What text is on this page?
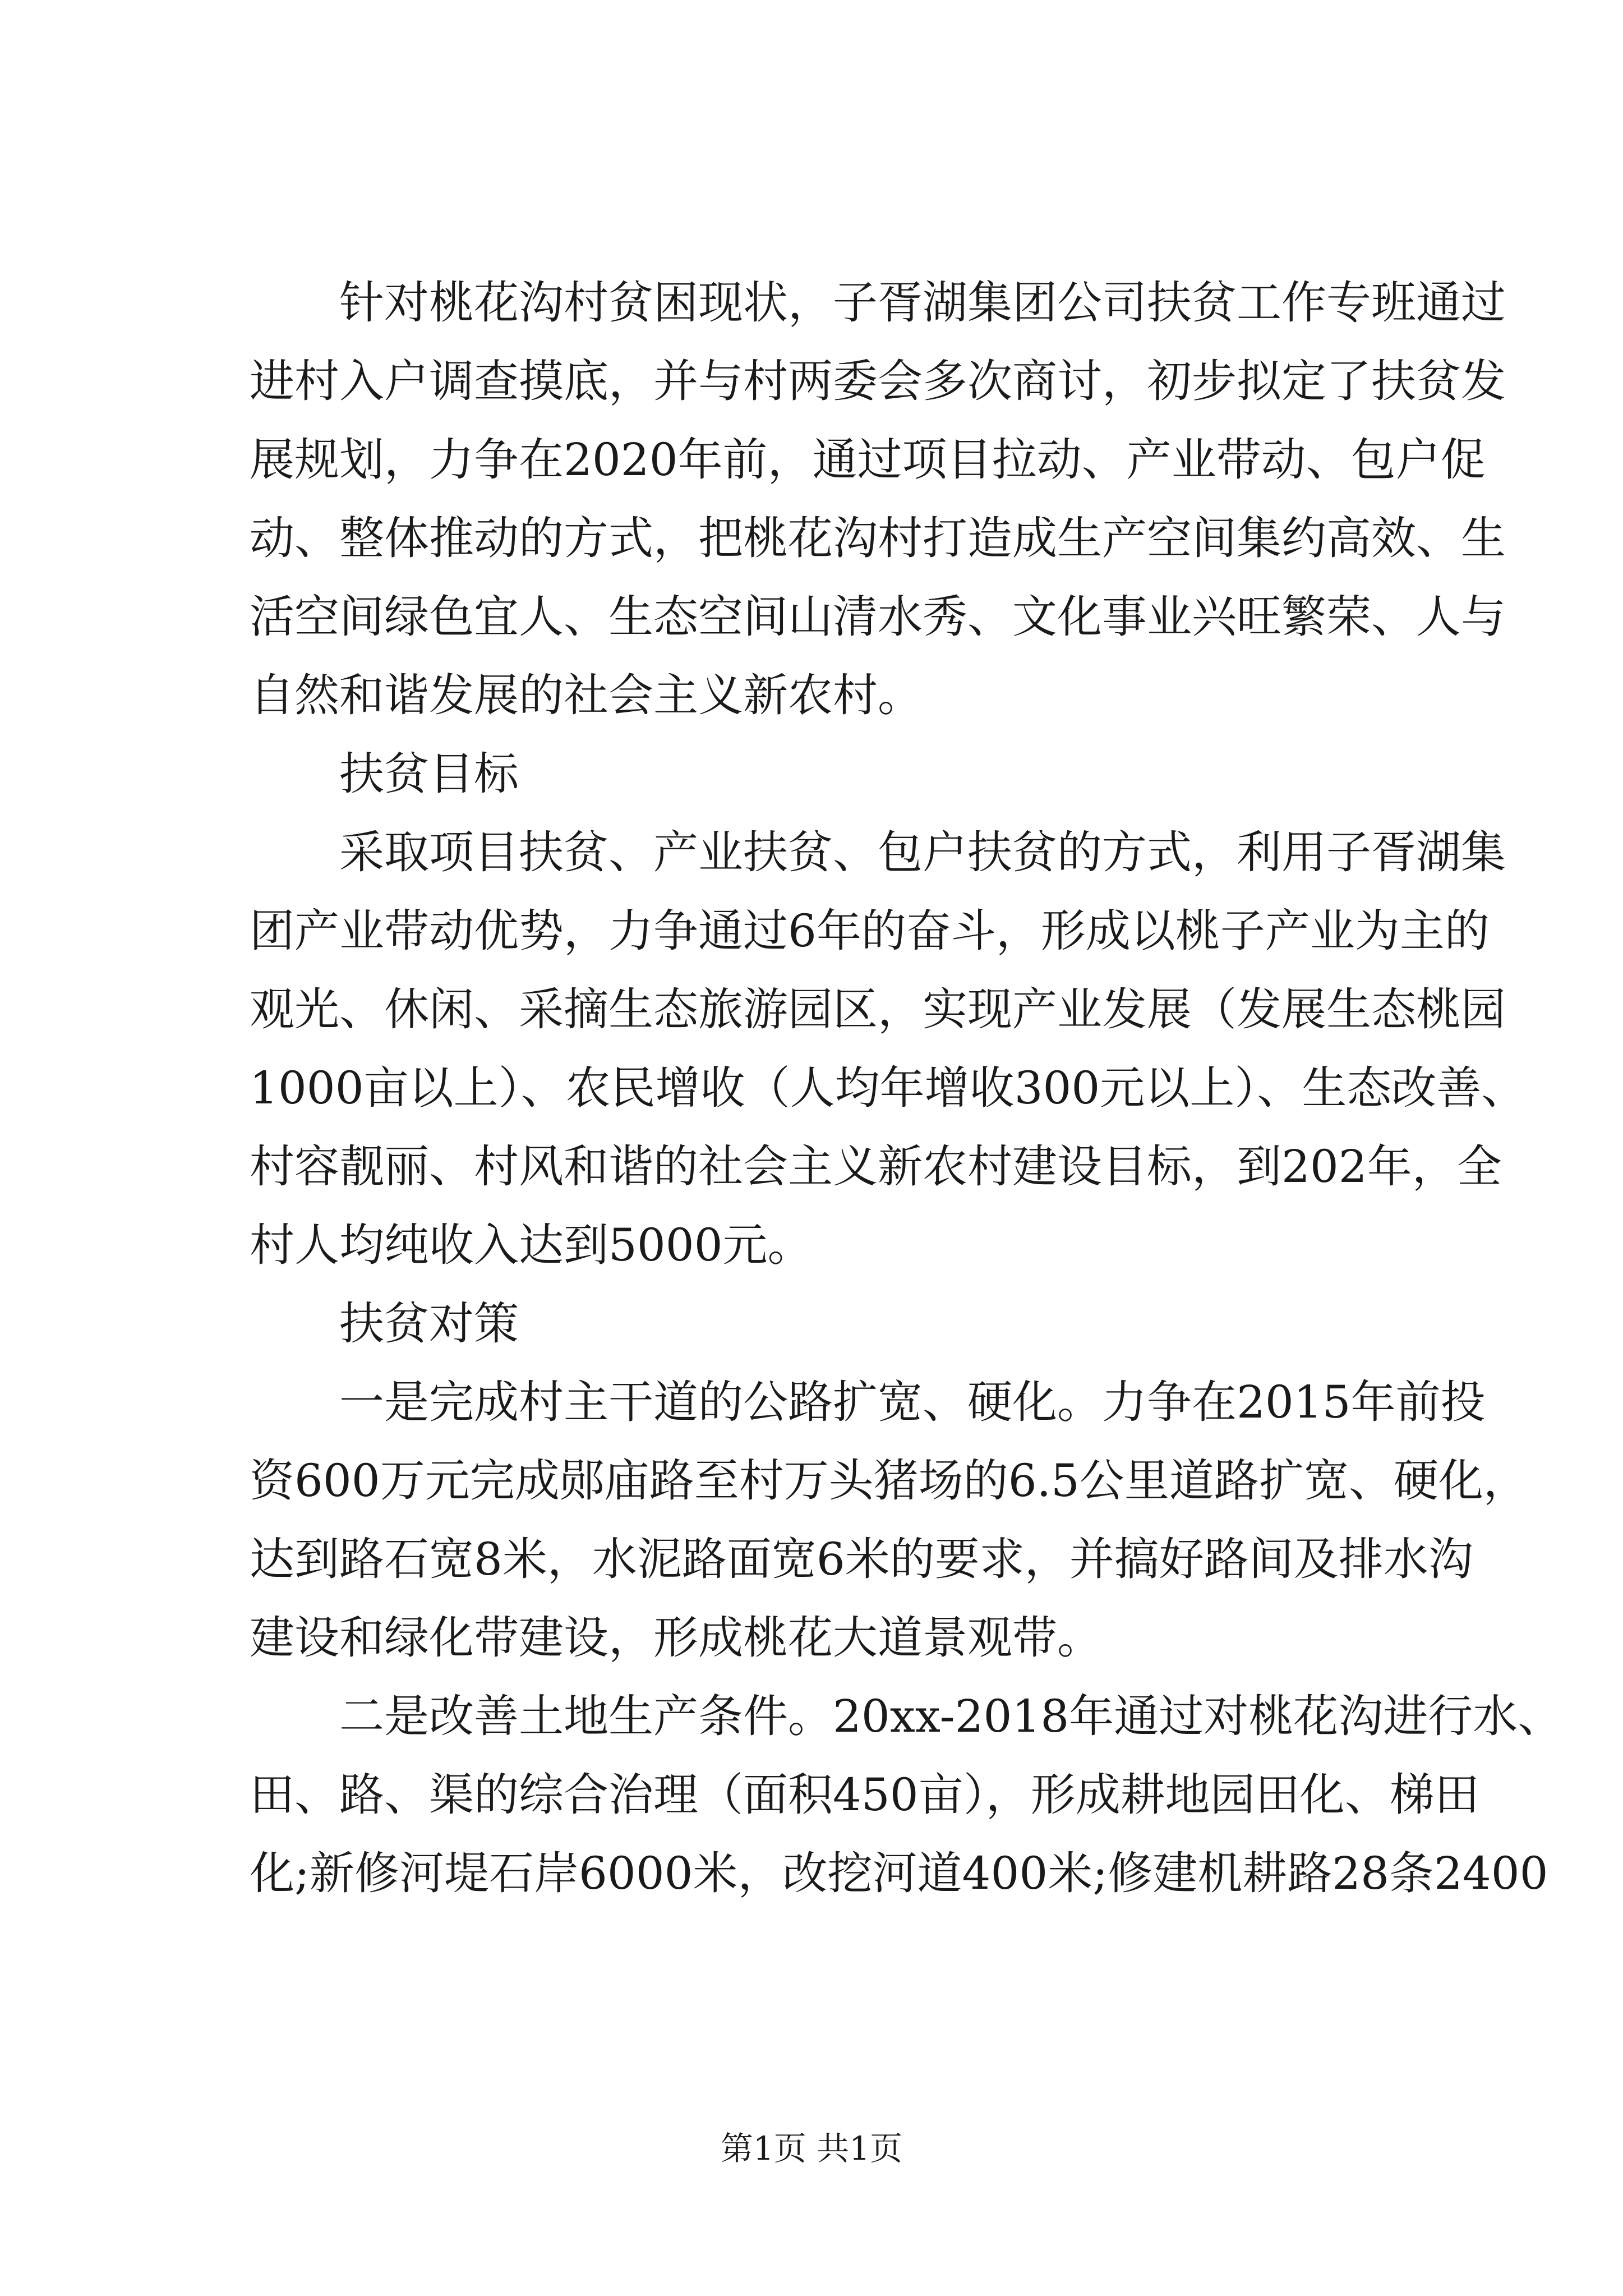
针对桃花沟村贫困现状，子胥湖集团公司扶贫工作专班通过
进村入户调查摸底，并与村两委会多次商讨，初步拟定了扶贫发
展规划，力争在2020年前，通过项目拉动、产业带动、包户促
动、整体推动的方式，把桃花沟村打造成生产空间集约高效、生
活空间绿色宜人、生态空间山清水秀、文化事业兴旺繁荣、人与
自然和谐发展的社会主义新农村。
扶贫目标
采取项目扶贫、产业扶贫、包户扶贫的方式，利用子胥湖集
团产业带动优势，力争通过6年的奋斗，形成以桃子产业为主的
观光、休闲、采摘生态旅游园区，实现产业发展（发展生态桃园
1000亩以上）、农民增收（人均年增收300元以上）、生态改善、
村容靓丽、村风和谐的社会主义新农村建设目标，到202年，全
村人均纯收入达到5000元。
扶贫对策
一是完成村主干道的公路扩宽、硬化。力争在2015年前投
资600万元完成郧庙路至村万头猪场的6.5公里道路扩宽、硬化，
达到路石宽8米，水泥路面宽6米的要求，并搞好路间及排水沟
建设和绿化带建设，形成桃花大道景观带。
二是改善土地生产条件。20xx-2018年通过对桃花沟进行水、
田、路、渠的综合治理（面积450亩），形成耕地园田化、梯田
化;新修河堤石岸6000米，改挖河道400米;修建机耕路28条2400
第1页 共1页
